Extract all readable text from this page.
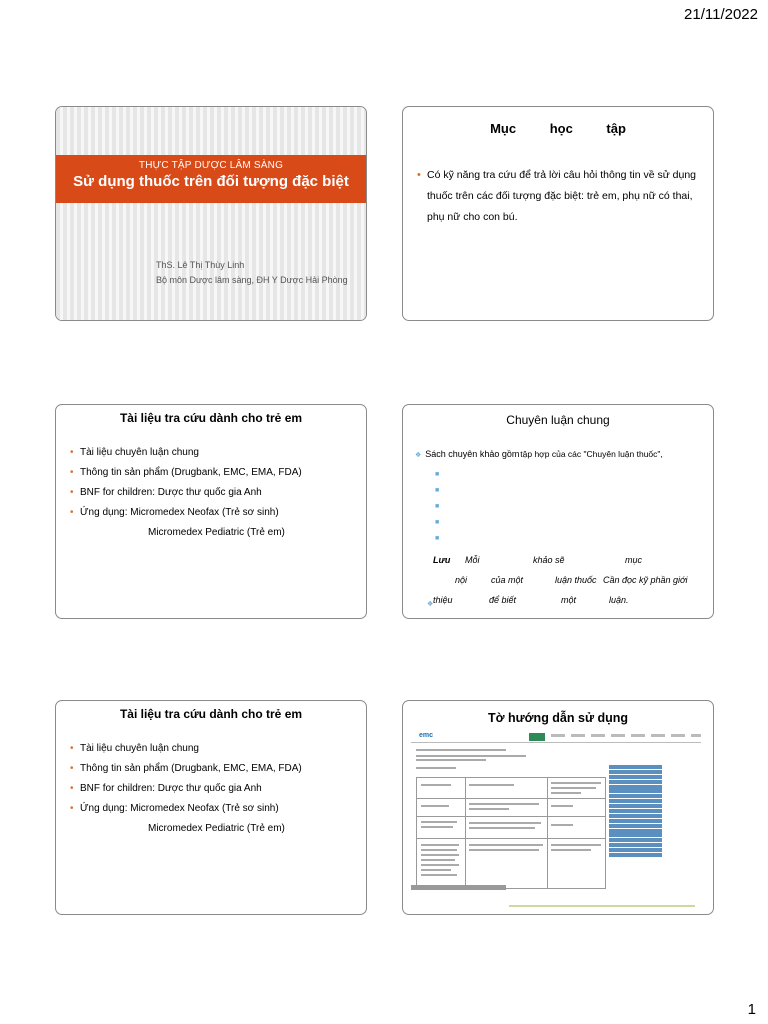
21/11/2022
THỰC TẬP DƯỢC LÂM SÀNG
Sử dụng thuốc trên đối tượng đặc biệt
ThS. Lê Thị Thùy Linh
Bộ môn Dược lâm sàng, ĐH Y Dược Hải Phòng
Mục học tập
• Có kỹ năng tra cứu để trả lời câu hỏi thông tin về sử dụng thuốc trên các đối tượng đặc biệt: trẻ em, phụ nữ có thai, phụ nữ cho con bú.
Tài liệu tra cứu dành cho trẻ em
• Tài liệu chuyên luận chung
• Thông tin sản phẩm (Drugbank, EMC, EMA, FDA)
• BNF for children: Dược thư quốc gia Anh
• Ứng dụng: Micromedex Neofax (Trẻ sơ sinh)
Micromedex Pediatric (Trẻ em)
Chuyên luận chung
❖ Sách chuyên khảo gồmtập hợp của các "Chuyên luận thuốc",
■
■
■
■
■
Lưu Mỗi	khảo sẽ	mục
nội	của một	luận thuốc Cần đọc kỹ phần giới
thiệu	để biết	một	luận.
❖
Tài liệu tra cứu dành cho trẻ em
• Tài liệu chuyên luận chung
• Thông tin sản phẩm (Drugbank, EMC, EMA, FDA)
• BNF for children: Dược thư quốc gia Anh
• Ứng dụng: Micromedex Neofax (Trẻ sơ sinh)
Micromedex Pediatric (Trẻ em)
Tờ hướng dẫn sử dụng
emc
1
